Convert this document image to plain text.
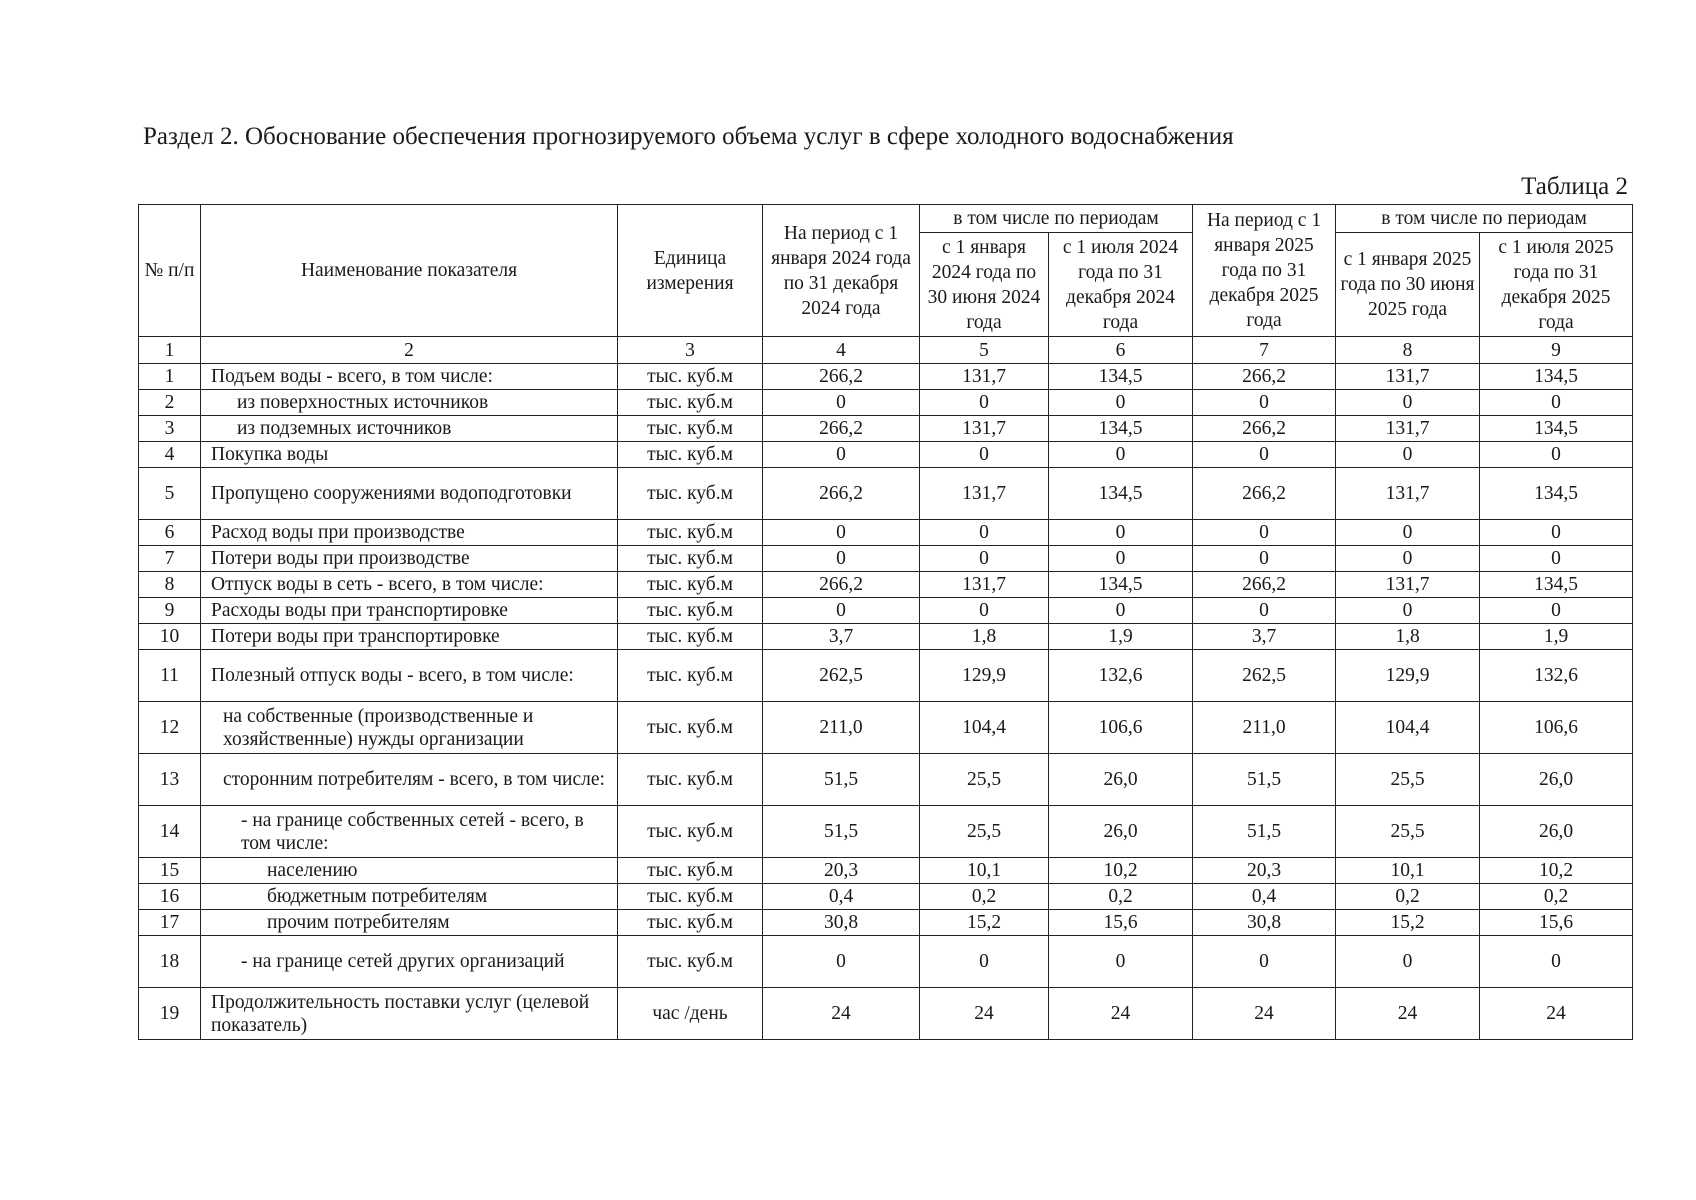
Раздел 2. Обоснование обеспечения прогнозируемого объема услуг в сфере холодного водоснабжения
Таблица 2
№ п/п	Наименование показателя	Единица измерения	На период с 1 января 2024 года по 31 декабря 2024 года	в том числе по периодам		На период с 1 января 2025 года по 31 декабря 2025 года	в том числе по периодам	
				с 1 января 2024 года по 30 июня 2024 года	с 1 июля 2024 года по 31 декабря 2024 года		с 1 января 2025 года по 30 июня 2025 года	с 1 июля 2025 года по 31 декабря 2025 года
1	2	3	4	5	6	7	8	9
1	Подъем воды - всего, в том числе:	тыс. куб.м	266,2	131,7	134,5	266,2	131,7	134,5
2	из поверхностных источников	тыс. куб.м	0	0	0	0	0	0
3	из подземных источников	тыс. куб.м	266,2	131,7	134,5	266,2	131,7	134,5
4	Покупка воды	тыс. куб.м	0	0	0	0	0	0
5	Пропущено сооружениями водоподготовки	тыс. куб.м	266,2	131,7	134,5	266,2	131,7	134,5
6	Расход воды при производстве	тыс. куб.м	0	0	0	0	0	0
7	Потери воды при производстве	тыс. куб.м	0	0	0	0	0	0
8	Отпуск воды в сеть - всего, в том числе:	тыс. куб.м	266,2	131,7	134,5	266,2	131,7	134,5
9	Расходы воды при транспортировке	тыс. куб.м	0	0	0	0	0	0
10	Потери воды при транспортировке	тыс. куб.м	3,7	1,8	1,9	3,7	1,8	1,9
11	Полезный отпуск воды - всего, в том числе:	тыс. куб.м	262,5	129,9	132,6	262,5	129,9	132,6
12	на собственные (производственные и хозяйственные) нужды организации	тыс. куб.м	211,0	104,4	106,6	211,0	104,4	106,6
13	сторонним потребителям - всего, в том числе:	тыс. куб.м	51,5	25,5	26,0	51,5	25,5	26,0
14	- на границе собственных сетей - всего, в том числе:	тыс. куб.м	51,5	25,5	26,0	51,5	25,5	26,0
15	населению	тыс. куб.м	20,3	10,1	10,2	20,3	10,1	10,2
16	бюджетным потребителям	тыс. куб.м	0,4	0,2	0,2	0,4	0,2	0,2
17	прочим потребителям	тыс. куб.м	30,8	15,2	15,6	30,8	15,2	15,6
18	- на границе сетей других организаций	тыс. куб.м	0	0	0	0	0	0
19	Продолжительность поставки услуг (целевой показатель)	час /день	24	24	24	24	24	24
